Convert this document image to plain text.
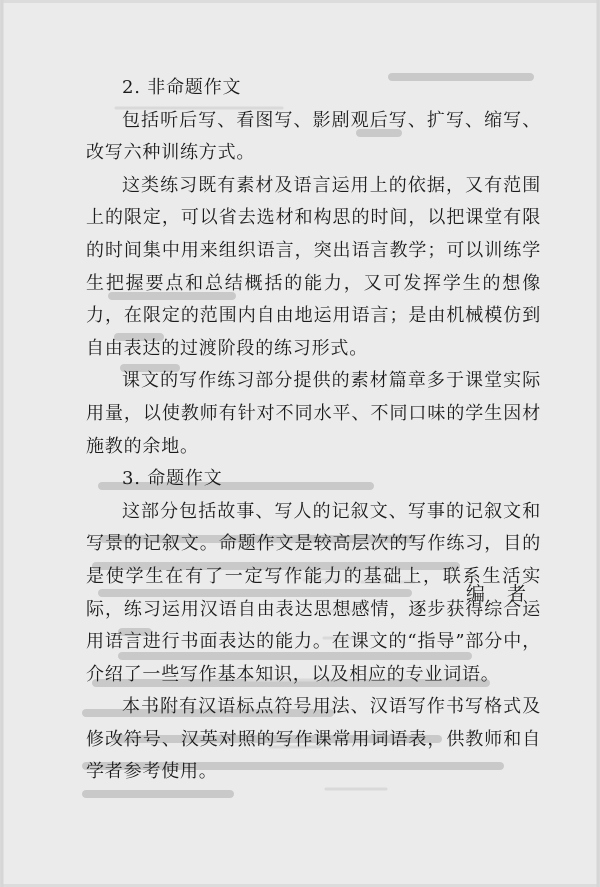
2. 非命题作文

包括听后写、看图写、影剧观后写、扩写、缩写、改写六种训练方式。

这类练习既有素材及语言运用上的依据，又有范围上的限定，可以省去选材和构思的时间，以把课堂有限的时间集中用来组织语言，突出语言教学；可以训练学生把握要点和总结概括的能力，又可发挥学生的想像力，在限定的范围内自由地运用语言；是由机械模仿到自由表达的过渡阶段的练习形式。

课文的写作练习部分提供的素材篇章多于课堂实际用量，以使教师有针对不同水平、不同口味的学生因材施教的余地。

3. 命题作文

这部分包括故事、写人的记叙文、写事的记叙文和写景的记叙文。命题作文是较高层次的写作练习，目的是使学生在有了一定写作能力的基础上，联系生活实际，练习运用汉语自由表达思想感情，逐步获得综合运用语言进行书面表达的能力。在课文的“指导”部分中，介绍了一些写作基本知识，以及相应的专业词语。

本书附有汉语标点符号用法、汉语写作书写格式及修改符号、汉英对照的写作课常用词语表，供教师和自学者参考使用。

编者
